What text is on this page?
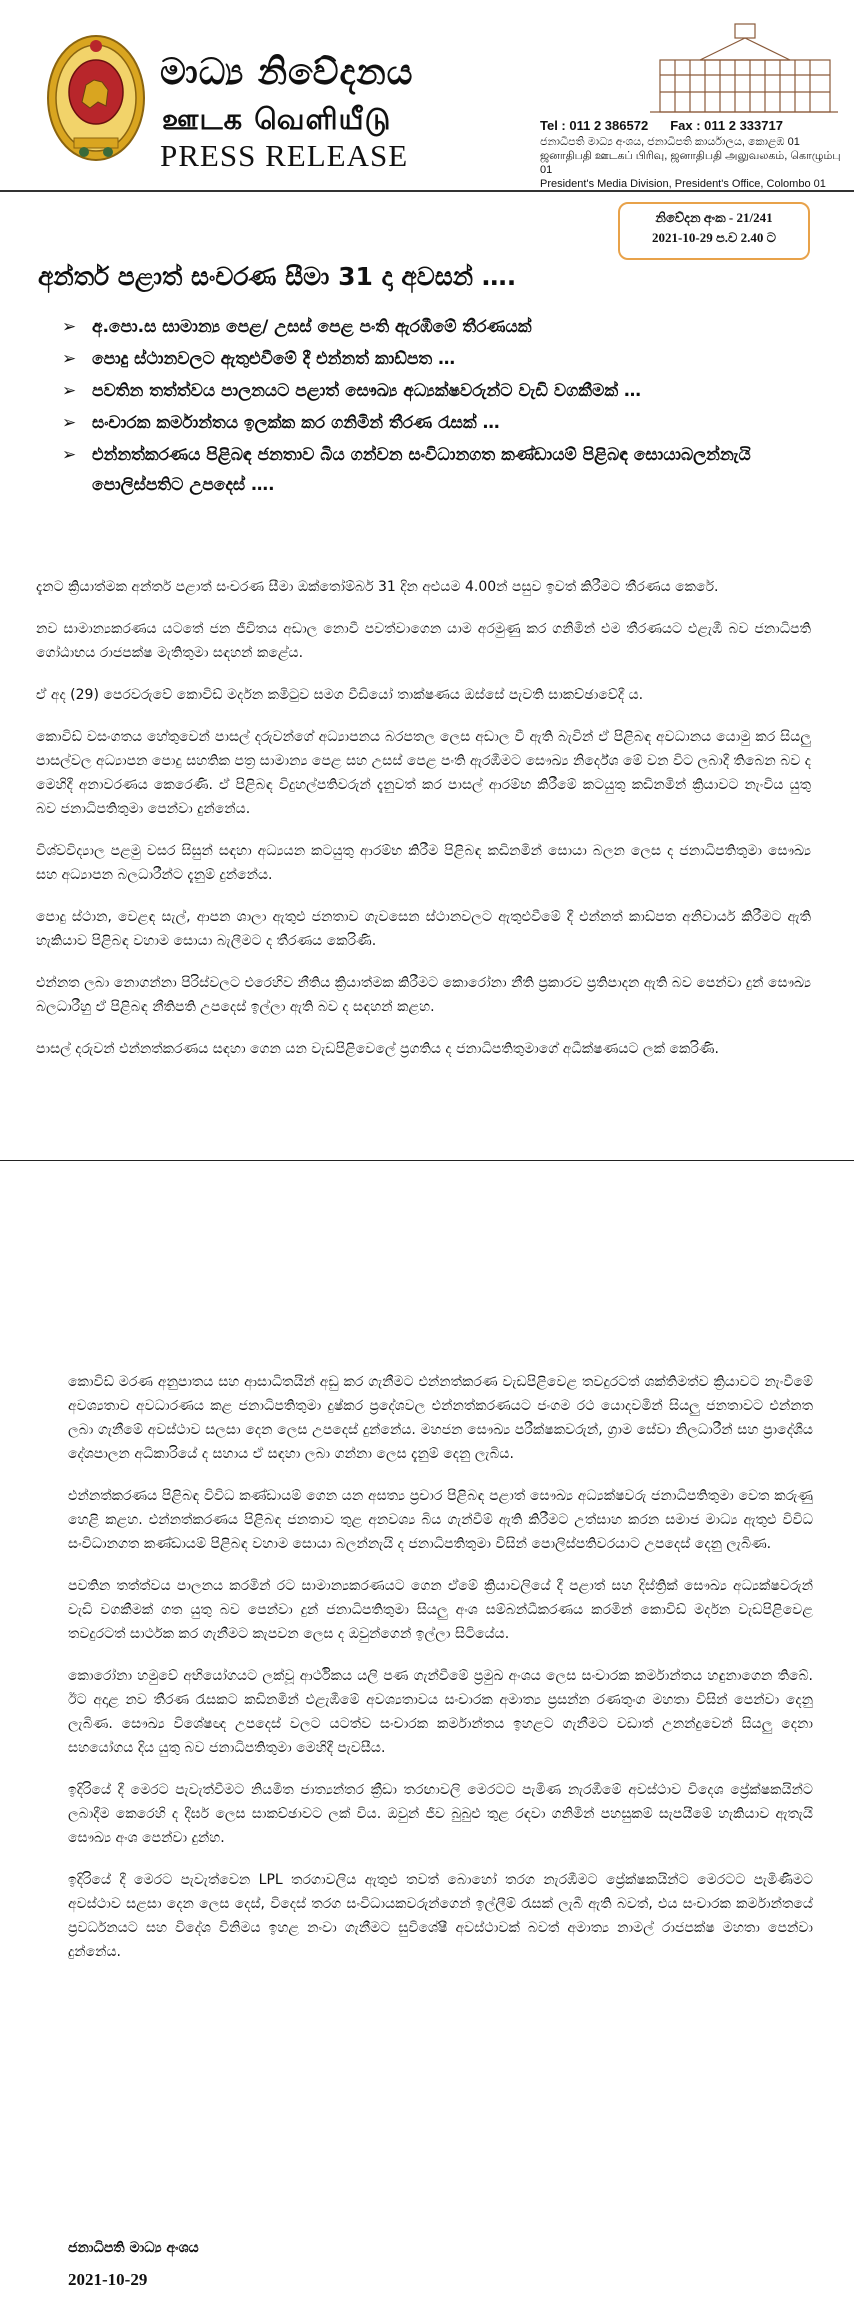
මාධ්‍ය නිවේදනය
ஊடக வெளியீடு
PRESS RELEASE
Tel : 011 2 386572 Fax : 011 2 333717
ජනාධිපති මාධ්‍ය අංශය, ජනාධිපති කාර්යාලය, කොළඹ 01
ஜனாதிபதி ஊடகப் பிரிவு, ஜனாதிபதி அலுவலகம், கொழும்பு 01
President's Media Division, President's Office, Colombo 01
නිවේදන අංක - 21/241
2021-10-29 ප.ව 2.40 ට
අන්තර් පළාත් සංචරණ සීමා 31 දා අවසන් ….
➢ අ.පො.ස සාමාන්‍ය පෙළ/ උසස් පෙළ පංති ඇරඹීමේ තීරණයක්
➢ පොදු ස්ථානවලට ඇතුළුවීමේ දී එන්නත් කාඩ්පත …
➢ පවතින තත්ත්වය පාලනයට පළාත් සෞඛ්‍ය අධ්‍යක්ෂවරුන්ට වැඩි වගකීමක් …
➢ සංචාරක කර්මාන්තය ඉලක්ක කර ගනිමින් තීරණ රැසක් …
➢ එන්නත්කරණය පිළිබඳ ජනතාව බිය ගන්වන සංවිධානගත කණ්ඩායම් පිළිබඳ සොයාබලන්නැයි පොලිස්පතිට උපදෙස් ….

දැනට ක්‍රියාත්මක අන්තර් පළාත් සංචරණ සීමා ඔක්තෝම්බර් 31 දින අළුයම 4.00න් පසුව ඉවත් කිරීමට තීරණය කෙරේ.

නව සාමාන්‍යකරණය යටතේ ජන ජීවිතය අඩාල නොවී පවත්වාගෙන යාම අරමුණු කර ගනිමින් එම තීරණයට එළැඹී බව ජනාධිපති ගෝඨාභය රාජපක්ෂ මැතිතුමා සඳහන් කළේය.

ඒ අද (29) පෙරවරුවේ කොවිඩ් මර්දන කමිටුව සමග වීඩියෝ තාක්ෂණය ඔස්සේ පැවති සාකච්ඡාවේදී ය.

කොවිඩ් වසංගතය හේතුවෙන් පාසල් දරුවන්ගේ අධ්‍යාපනය බරපතල ලෙස අඩාල වී ඇති බැවින් ඒ පිළිබඳ අවධානය යොමු කර සියලු පාසල්වල අධ්‍යාපන පොදු සහතික පත්‍ර සාමාන්‍ය පෙළ සහ උසස් පෙළ පංති ඇරඹීමට සෞඛ්‍ය නිර්දේශ මේ වන විට ලබාදී තිබෙන බව ද මෙහිදී අනාවරණය කෙරෙණි. ඒ පිළිබඳ විදුහල්පතිවරුන් දැනුවත් කර පාසල් ආරම්භ කිරීමේ කටයුතු කඩිනමින් ක්‍රියාවට නැංවිය යුතු බව ජනාධිපතිතුමා පෙන්වා දුන්නේය.

විශ්වවිද්‍යාල පළමු වසර සිසුන් සඳහා අධ්‍යයන කටයුතු ආරම්භ කිරීම පිළිබඳ කඩිනමින් සොයා බලන ලෙස ද ජනාධිපතිතුමා සෞඛ්‍ය සහ අධ්‍යාපන බලධාරීන්ට දැනුම් දුන්නේය.

පොදු ස්ථාන, වෙළඳ සැල්, ආපන ශාලා ඇතුළු ජනතාව ගැවසෙන ස්ථානවලට ඇතුළුවීමේ දී එන්නත් කාඩ්පත අනිවාර්ය කිරීමට ඇති හැකියාව පිළිබඳ වහාම සොයා බැලීමට ද තීරණය කෙරිණි.

එන්නත ලබා නොගන්නා පිරිස්වලට එරෙහිව නීතිය ක්‍රියාත්මක කිරීමට කොරෝනා නීති ප්‍රකාරව ප්‍රතිපාදන ඇති බව පෙන්වා දුන් සෞඛ්‍ය බලධාරීහු ඒ පිළිබඳ නීතිපති උපදෙස් ඉල්ලා ඇති බව ද සඳහන් කළහ.

පාසල් දරුවන් එන්නත්කරණය සඳහා ගෙන යන වැඩපිළිවෙලේ ප්‍රගතිය ද ජනාධිපතිතුමාගේ අධීක්ෂණයට ලක් කෙරිණි.

කොවිඩ් මරණ අනුපාතය සහ ආසාධිතයින් අඩු කර ගැනීමට එන්නත්කරණ වැඩපිළිවෙළ තවදුරටත් ශක්තිමත්ව ක්‍රියාවට නැංවීමේ අවශ්‍යතාව අවධාරණය කළ ජනාධිපතිතුමා දුෂ්කර ප්‍රදේශවල එන්නත්කරණයට ජංගම රථ යොදවමින් සියලු ජනතාවට එන්නත ලබා ගැනීමේ අවස්ථාව සලසා දෙන ලෙස උපදෙස් දුන්නේය. මහජන සෞඛ්‍ය පරීක්ෂකවරුන්, ග්‍රාම සේවා නිලධාරීන් සහ ප්‍රාදේශීය දේශපාලන අධිකාරියේ ද සහාය ඒ සඳහා ලබා ගන්නා ලෙස දැනුම් දෙනු ලැබිය.

එන්නත්කරණය පිළිබඳ විවිධ කණ්ඩායම් ගෙන යන අසත්‍ය ප්‍රචාර පිළිබඳ පළාත් සෞඛ්‍ය අධ්‍යක්ෂවරු ජනාධිපතිතුමා වෙත කරුණු හෙළි කළහ. එන්නත්කරණය පිළිබඳ ජනතාව තුළ අනවශ්‍ය බිය ගැන්වීම් ඇති කිරීමට උත්සාහ කරන සමාජ මාධ්‍ය ඇතුළු විවිධ සංවිධානගත කණ්ඩායම් පිළිබඳ වහාම සොයා බලන්නැයි ද ජනාධිපතිතුමා විසින් පොලිස්පතිවරයාට උපදෙස් දෙනු ලැබිණ.

පවතින තත්ත්වය පාලනය කරමින් රට සාමාන්‍යකරණයට ගෙන ඒමේ ක්‍රියාවලියේ දී පළාත් සහ දිස්ත්‍රික් සෞඛ්‍ය අධ්‍යක්ෂවරුන් වැඩි වගකීමක් ගත යුතු බව පෙන්වා දුන් ජනාධිපතිතුමා සියලු අංශ සම්බන්ධීකරණය කරමින් කොවිඩ් මර්දන වැඩපිළිවෙළ තවදුරටත් සාර්ථක කර ගැනීමට කැපවන ලෙස ද ඔවුන්ගෙන් ඉල්ලා සිටියේය.

කොරෝනා හමුවේ අභියෝගයට ලක්වූ ආර්ථිකය යලි පණ ගැන්වීමේ ප්‍රමුඛ අංශය ලෙස සංචාරක කර්මාන්තය හඳුනාගෙන තිබේ. ඊට අදාළ නව තීරණ රැසකට කඩිනමින් එළැඹීමේ අවශ්‍යතාවය සංචාරක අමාත්‍ය ප්‍රසන්න රණතුංග මහතා විසින් පෙන්වා දෙනු ලැබිණ. සෞඛ්‍ය විශේෂඥ උපදෙස් වලට යටත්ව සංචාරක කර්මාන්තය ඉහළට ගැනීමට වඩාත් උනන්දුවෙන් සියලු දෙනා සහයෝගය දිය යුතු බව ජනාධිපතිතුමා මෙහිදී පැවසීය.

ඉදිරියේ දී මෙරට පැවැත්වීමට නියමිත ජාත්‍යන්තර ක්‍රීඩා තරඟාවලි මෙරටට පැමිණ නැරඹීමේ අවස්ථාව විදෙශ ප්‍රේක්ෂකයින්ට ලබාදීම කෙරෙහි ද දීර්ඝ ලෙස සාකච්ඡාවට ලක් විය. ඔවුන් ජීව බුබුළු තුළ රඳවා ගනිමින් පහසුකම් සැපයීමේ හැකියාව ඇතැයි සෞඛ්‍ය අංශ පෙන්වා දුන්හ.

ඉදිරියේ දී මෙරට පැවැත්වෙන LPL තරගාවලිය ඇතුළු තවත් බොහෝ තරග නැරඹීමට ප්‍රේක්ෂකයින්ට මෙරටට පැමිණීමට අවස්ථාව සළසා දෙන ලෙස දෙස්, විදෙස් තරග සංවිධායකවරුන්ගෙන් ඉල්ලීම් රැසක් ලැබී ඇති බවත්, එය සංචාරක කර්මාන්තයේ ප්‍රවර්ධනයට සහ විදේශ විනිමය ඉහළ නංවා ගැනීමට සුවිශේෂී අවස්ථාවක් බවත් අමාත්‍ය නාමල් රාජපක්ෂ මහතා පෙන්වා දුන්නේය.

ජනාධිපති මාධ්‍ය අංශය
2021-10-29
